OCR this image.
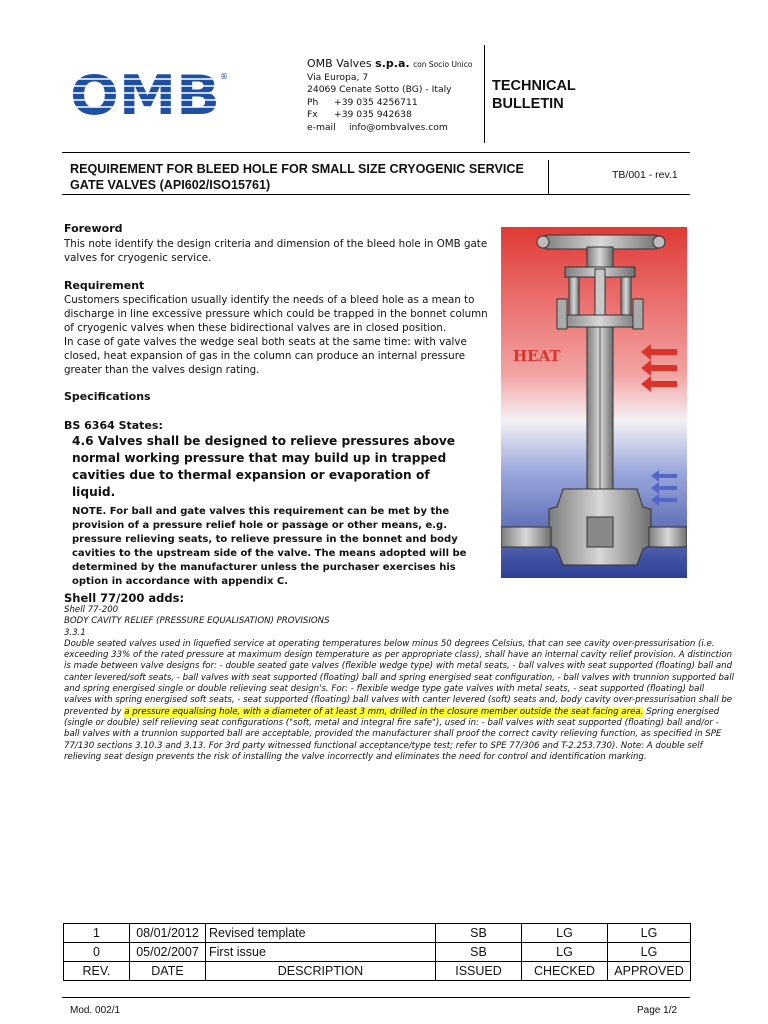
OMB ®
OMB Valves s.p.a. con Socio Unico
Via Europa, 7
24069 Cenate Sotto (BG) - Italy
Ph +39 035 4256711
Fx +39 035 942638
e-mail info@ombvalves.com
TECHNICAL
BULLETIN
REQUIREMENT FOR BLEED HOLE FOR SMALL SIZE CRYOGENIC SERVICE
GATE VALVES (API602/ISO15761)
TB/001 - rev.1
Foreword
This note identify the design criteria and dimension of the bleed hole in OMB gate valves for cryogenic service.
Requirement
Customers specification usually identify the needs of a bleed hole as a mean to discharge in line excessive pressure which could be trapped in the bonnet column of cryogenic valves when these bidirectional valves are in closed position.
In case of gate valves the wedge seal both seats at the same time: with valve closed, heat expansion of gas in the column can produce an internal pressure greater than the valves design rating.
Specifications
BS 6364 States:
4.6 Valves shall be designed to relieve pressures above normal working pressure that may build up in trapped cavities due to thermal expansion or evaporation of liquid.
NOTE. For ball and gate valves this requirement can be met by the provision of a pressure relief hole or passage or other means, e.g. pressure relieving seats, to relieve pressure in the bonnet and body cavities to the upstream side of the valve. The means adopted will be determined by the manufacturer unless the purchaser exercises his option in accordance with appendix C.
HEAT
Shell 77/200 adds:
Shell 77-200
BODY CAVITY RELIEF (PRESSURE EQUALISATION) PROVISIONS
3.3.1
Double seated valves used in liquefied service at operating temperatures below minus 50 degrees Celsius, that can see cavity over-pressurisation (i.e. exceeding 33% of the rated pressure at maximum design temperature as per appropriate class), shall have an internal cavity relief provision. A distinction is made between valve designs for: - double seated gate valves (flexible wedge type) with metal seats, - ball valves with seat supported (floating) ball and canter levered/soft seats, - ball valves with seat supported (floating) ball and spring energised seat configuration, - ball valves with trunnion supported ball and spring energised single or double relieving seat design's. For: - flexible wedge type gate valves with metal seats, - seat supported (floating) ball valves with spring energised soft seats, - seat supported (floating) ball valves with canter levered (soft) seats and, body cavity over-pressurisation shall be prevented by a pressure equalising hole, with a diameter of at least 3 mm, drilled in the closure member outside the seat facing area. Spring energised (single or double) self relieving seat configurations ("soft, metal and integral fire safe"), used in: - ball valves with seat supported (floating) ball and/or - ball valves with a trunnion supported ball are acceptable, provided the manufacturer shall proof the correct cavity relieving function, as specified in SPE 77/130 sections 3.10.3 and 3.13. For 3rd party witnessed functional acceptance/type test; refer to SPE 77/306 and T-2.253.730). Note: A double self relieving seat design prevents the risk of installing the valve incorrectly and eliminates the need for control and identification marking.
1	08/01/2012	Revised template	SB	LG	LG
0	05/02/2007	First issue	SB	LG	LG
REV.	DATE	DESCRIPTION	ISSUED	CHECKED	APPROVED
Mod. 002/1	Page 1/2
